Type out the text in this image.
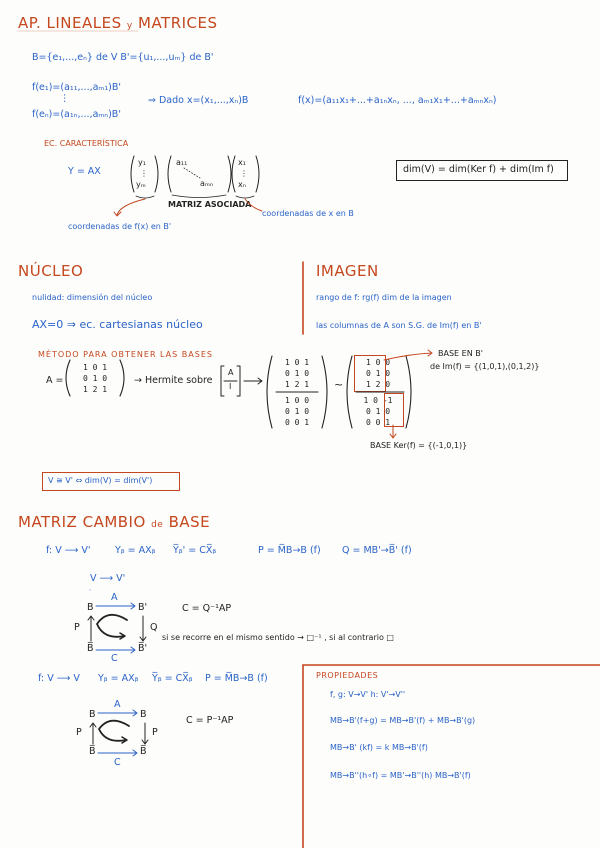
AP. LINEALES y MATRICES
B={e₁,...,eₙ} de V B'={u₁,...,uₘ} de B'
f(e₁)=(a₁₁,...,aₘ₁)B'
⋮
f(eₙ)=(a₁ₙ,...,aₘₙ)B'
⇒ Dado x=(x₁,...,xₙ)B	f(x)=(a₁₁x₁+...+a₁ₙxₙ, ..., aₘ₁x₁+...+aₘₙxₙ)
EC. CARACTERÍSTICA
Y = AX
y₁
⋮
yₘ
a₁₁
aₘₙ
x₁
⋮
xₙ
MATRIZ ASOCIADA
coordenadas de x en B
coordenadas de f(x) en B'
dim(V) = dim(Ker f) + dim(Im f)
NÚCLEO
nulidad: dimensión del núcleo
AX=0 ⇒ ec. cartesianas núcleo
IMAGEN
rango de f: rg(f) dim de la imagen
las columnas de A son S.G. de Im(f) en B'
MÉTODO PARA OBTENER LAS BASES
A =
1 0 1
0 1 0
1 2 1
→ Hermite sobre
A
I
1 0 1
0 1 0
1 2 1
1 0 0
0 1 0
0 0 1
~
1 0 0
0 1 0
1 2 0
1 0 -1
0 1 0
0 0 1
BASE EN B'
de Im(f) = {(1,0,1),(0,1,2)}
BASE Ker(f) = {(-1,0,1)}
V ≅ V' ⇔ dim(V) = dim(V')
MATRIZ CAMBIO de BASE
f: V ⟶ V'	Yᵦ = AXᵦ Y̅ᵦ' = CX̅ᵦ	P = M̅B→B (f) Q = MB'→B̅' (f)
V ⟶ V'
B	B'
B̅	B̅'
A
C
P	Q
C = Q⁻¹AP
si se recorre en el mismo sentido → □⁻¹ , si al contrario □
f: V ⟶ V Yᵦ = AXᵦ Y̅ᵦ = CX̅ᵦ P = M̅B→B (f)
B	B
B̅	B̅
A
C
P	P
C = P⁻¹AP
PROPIEDADES
f, g: V→V' h: V'→V''
MB→B'(f+g) = MB→B'(f) + MB→B'(g)
MB→B' (kf) = k MB→B'(f)
MB→B''(h∘f) = MB'→B''(h) MB→B'(f)
